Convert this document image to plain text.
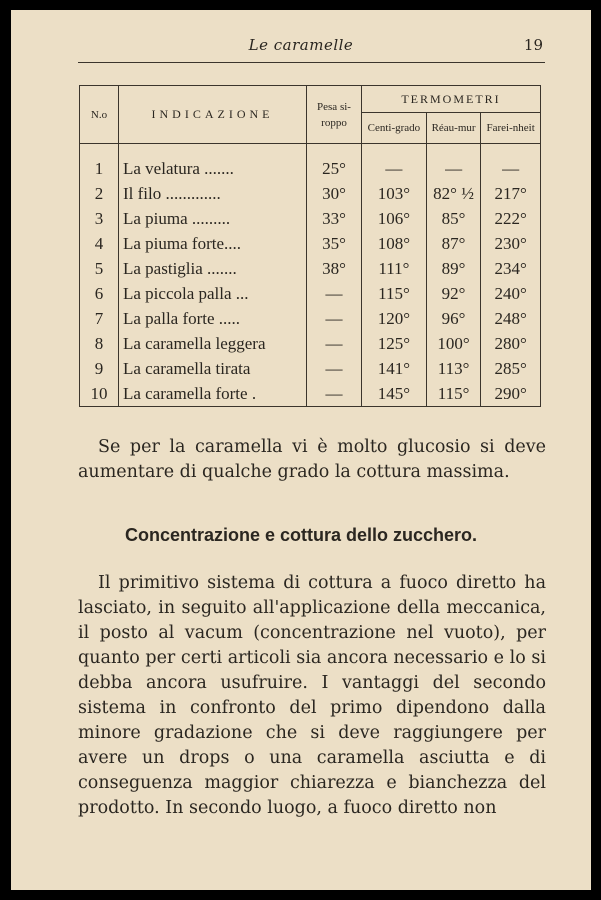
Le caramelle	19
N.o	INDICAZIONE	Pesa si-roppo	TERMOMETRI		
			Centi-grado	Réau-mur	Farei-nheit

1	La velatura .......	25°	—	—	—
2	Il filo .............	30°	103°	82° ½	217°
3	La piuma .........	33°	106°	85°	222°
4	La piuma forte....	35°	108°	87°	230°
5	La pastiglia .......	38°	111°	89°	234°
6	La piccola palla ...	—	115°	92°	240°
7	La palla forte .....	—	120°	96°	248°
8	La caramella leggera	—	125°	100°	280°
9	La caramella tirata	—	141°	113°	285°
10	La caramella forte .	—	145°	115°	290°

Se per la caramella vi è molto glucosio si deve aumentare di qualche grado la cottura massima.

Concentrazione e cottura dello zucchero.

Il primitivo sistema di cottura a fuoco diretto ha lasciato, in seguito all'applicazione della meccanica, il posto al vacum (concentrazione nel vuoto), per quanto per certi articoli sia ancora necessario e lo si debba ancora usufruire. I vantaggi del secondo sistema in confronto del primo dipendono dalla minore gradazione che si deve raggiungere per avere un drops o una caramella asciutta e di conseguenza maggior chiarezza e bianchezza del prodotto. In secondo luogo, a fuoco diretto non
